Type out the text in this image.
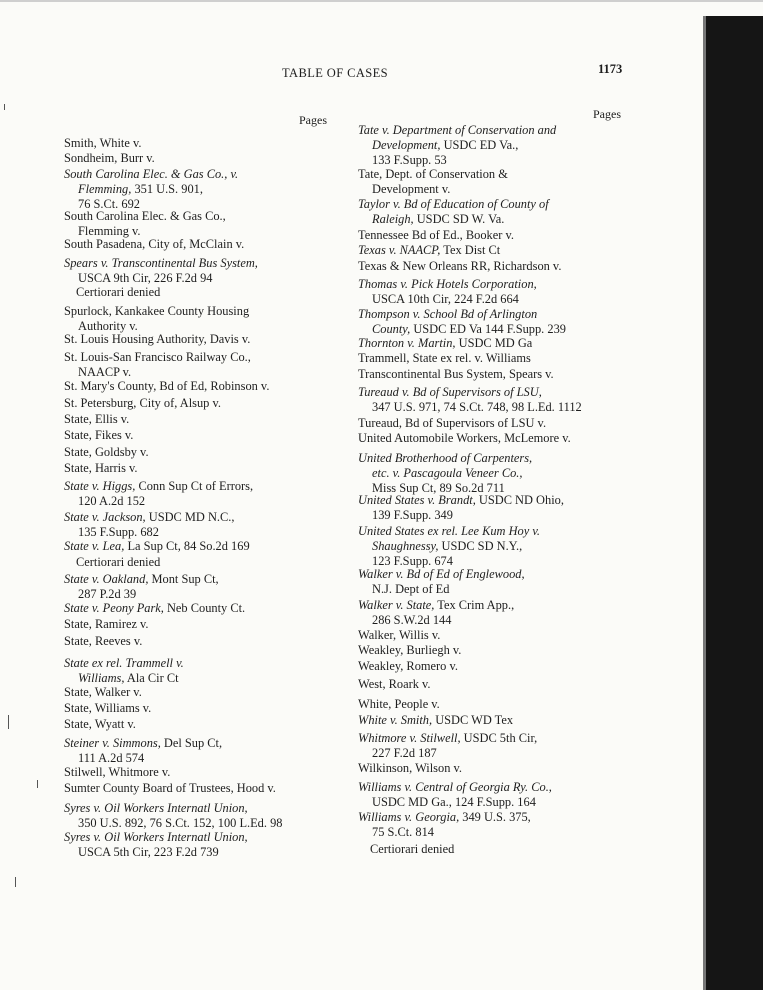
TABLE OF CASES	1173
Pages	Pages
Smith, White v.
Sondheim, Burr v.
South Carolina Elec. & Gas Co., v.
Flemming, 351 U.S. 901,
76 S.Ct. 692
South Carolina Elec. & Gas Co.,
Flemming v.
South Pasadena, City of, McClain v.
Spears v. Transcontinental Bus System,
USCA 9th Cir, 226 F.2d 94
Certiorari denied
Spurlock, Kankakee County Housing
Authority v.
St. Louis Housing Authority, Davis v.
St. Louis-San Francisco Railway Co.,
NAACP v.
St. Mary's County, Bd of Ed, Robinson v.
St. Petersburg, City of, Alsup v.
State, Ellis v.
State, Fikes v.
State, Goldsby v.
State, Harris v.
State v. Higgs, Conn Sup Ct of Errors,
120 A.2d 152
State v. Jackson, USDC MD N.C.,
135 F.Supp. 682
State v. Lea, La Sup Ct, 84 So.2d 169
Certiorari denied
State v. Oakland, Mont Sup Ct,
287 P.2d 39
State v. Peony Park, Neb County Ct.
State, Ramirez v.
State, Reeves v.
State ex rel. Trammell v.
Williams, Ala Cir Ct
State, Walker v.
State, Williams v.
State, Wyatt v.
Steiner v. Simmons, Del Sup Ct,
111 A.2d 574
Stilwell, Whitmore v.
Sumter County Board of Trustees, Hood v.
Syres v. Oil Workers Internatl Union,
350 U.S. 892, 76 S.Ct. 152, 100 L.Ed. 98
Syres v. Oil Workers Internatl Union,
USCA 5th Cir, 223 F.2d 739
Tate v. Department of Conservation and
Development, USDC ED Va.,
133 F.Supp. 53
Tate, Dept. of Conservation &
Development v.
Taylor v. Bd of Education of County of
Raleigh, USDC SD W. Va.
Tennessee Bd of Ed., Booker v.
Texas v. NAACP, Tex Dist Ct
Texas & New Orleans RR, Richardson v.
Thomas v. Pick Hotels Corporation,
USCA 10th Cir, 224 F.2d 664
Thompson v. School Bd of Arlington
County, USDC ED Va 144 F.Supp. 239
Thornton v. Martin, USDC MD Ga
Trammell, State ex rel. v. Williams
Transcontinental Bus System, Spears v.
Tureaud v. Bd of Supervisors of LSU,
347 U.S. 971, 74 S.Ct. 748, 98 L.Ed. 1112
Tureaud, Bd of Supervisors of LSU v.
United Automobile Workers, McLemore v.
United Brotherhood of Carpenters,
etc. v. Pascagoula Veneer Co.,
Miss Sup Ct, 89 So.2d 711
United States v. Brandt, USDC ND Ohio,
139 F.Supp. 349
United States ex rel. Lee Kum Hoy v.
Shaughnessy, USDC SD N.Y.,
123 F.Supp. 674
Walker v. Bd of Ed of Englewood,
N.J. Dept of Ed
Walker v. State, Tex Crim App.,
286 S.W.2d 144
Walker, Willis v.
Weakley, Burliegh v.
Weakley, Romero v.
West, Roark v.
White, People v.
White v. Smith, USDC WD Tex
Whitmore v. Stilwell, USDC 5th Cir,
227 F.2d 187
Wilkinson, Wilson v.
Williams v. Central of Georgia Ry. Co.,
USDC MD Ga., 124 F.Supp. 164
Williams v. Georgia, 349 U.S. 375,
75 S.Ct. 814
Certiorari denied
